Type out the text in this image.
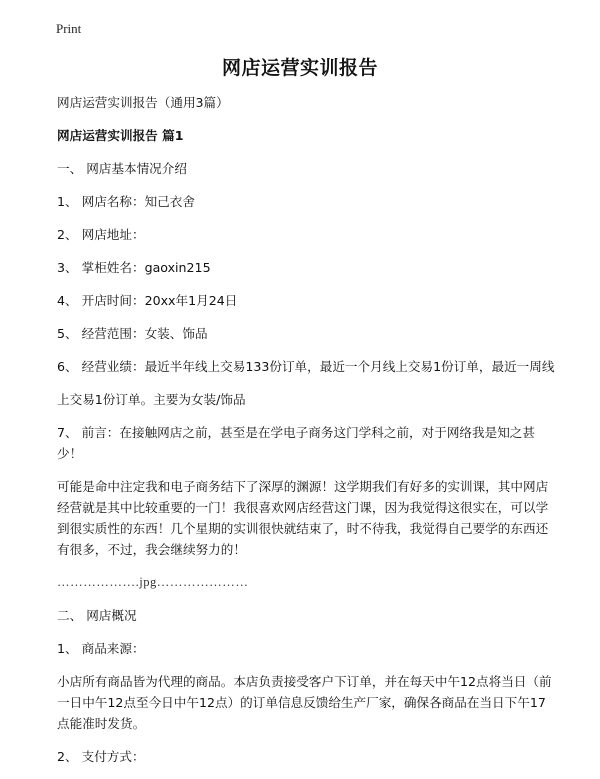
Print
网店运营实训报告

网店运营实训报告（通用3篇）

网店运营实训报告 篇1

一、 网店基本情况介绍

1、 网店名称：知己衣舍

2、 网店地址：

3、 掌柜姓名：gaoxin215

4、 开店时间：20xx年1月24日

5、 经营范围：女装、饰品

6、 经营业绩：最近半年线上交易133份订单，最近一个月线上交易1份订单，最近一周线

上交易1份订单。主要为女装/饰品

7、 前言：在接触网店之前，甚至是在学电子商务这门学科之前，对于网络我是知之甚少！

可能是命中注定我和电子商务结下了深厚的渊源！这学期我们有好多的实训课，其中网店经营就是其中比较重要的一门！我很喜欢网店经营这门课，因为我觉得这很实在，可以学到很实质性的东西！几个星期的实训很快就结束了，时不待我，我觉得自己要学的东西还有很多，不过，我会继续努力的！

……………….jpg…………………

二、 网店概况

1、 商品来源：

小店所有商品皆为代理的商品。本店负责接受客户下订单，并在每天中午12点将当日（前一日中午12点至今日中午12点）的订单信息反馈给生产厂家，确保各商品在当日下午17点能准时发货。

2、 支付方式：
